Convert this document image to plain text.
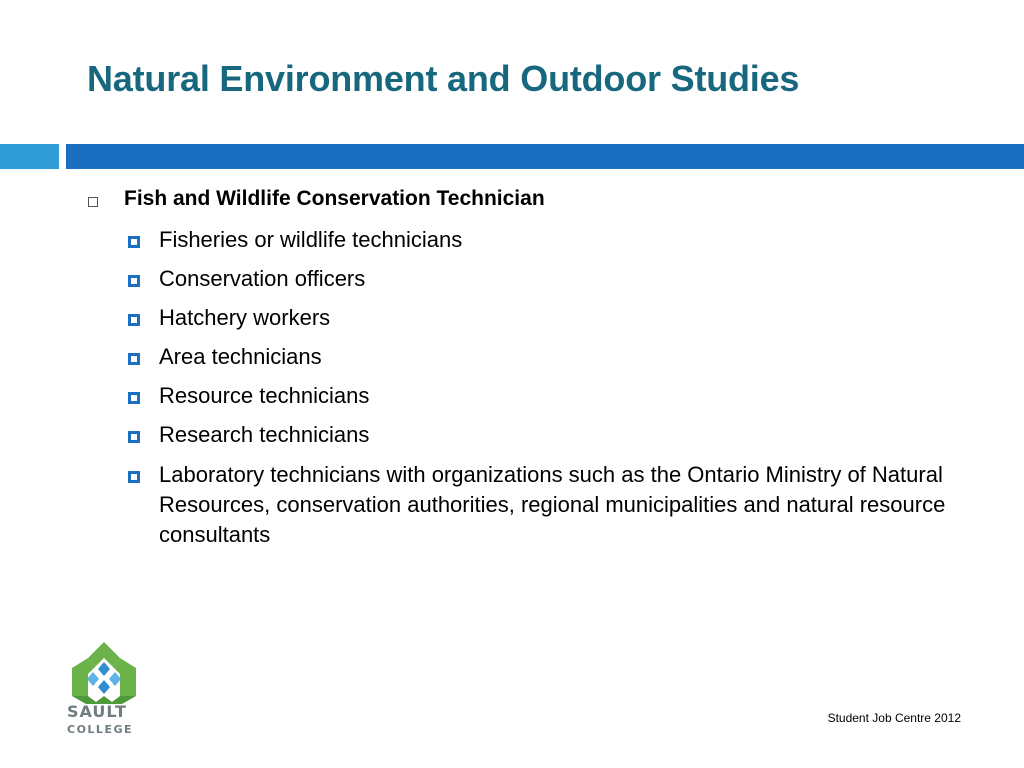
Natural Environment and Outdoor Studies
Fish and Wildlife Conservation Technician
Fisheries or wildlife technicians
Conservation officers
Hatchery workers
Area technicians
Resource technicians
Research technicians
Laboratory technicians with organizations such as the Ontario Ministry of Natural Resources, conservation authorities, regional municipalities and natural resource consultants
SAULT
COLLEGE
Student Job Centre 2012
